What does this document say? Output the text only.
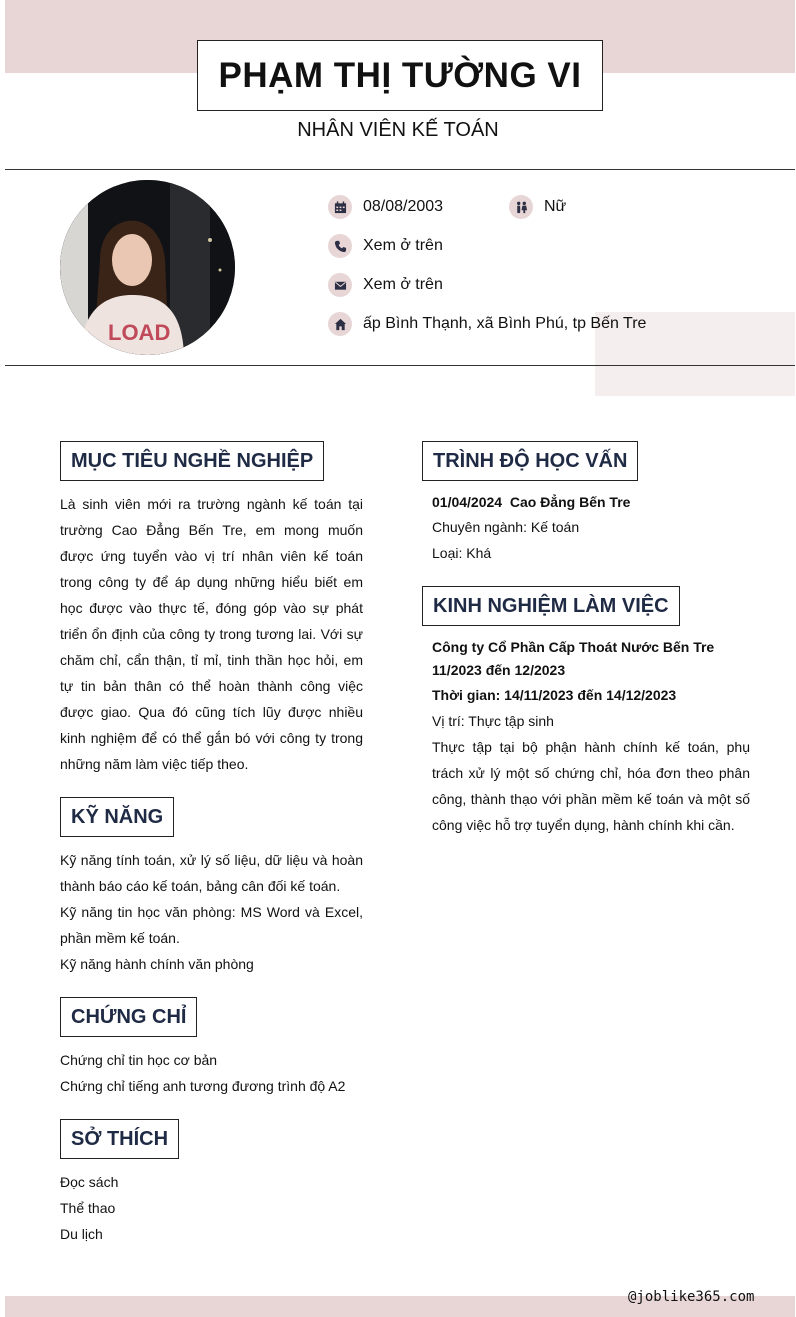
PHẠM THỊ TƯỜNG VI
NHÂN VIÊN KẾ TOÁN
LOAD
08/08/2003	Nữ
Xem ở trên
Xem ở trên
ấp Bình Thạnh, xã Bình Phú, tp Bến Tre
MỤC TIÊU NGHỀ NGHIỆP
Là sinh viên mới ra trường ngành kế toán tại trường Cao Đẳng Bến Tre, em mong muốn được ứng tuyển vào vị trí nhân viên kế toán trong công ty để áp dụng những hiểu biết em học được vào thực tế, đóng góp vào sự phát triển ổn định của công ty trong tương lai. Với sự chăm chỉ, cẩn thận, tỉ mỉ, tinh thần học hỏi, em tự tin bản thân có thể hoàn thành công việc được giao. Qua đó cũng tích lũy được nhiều kinh nghiệm để có thể gắn bó với công ty trong những năm làm việc tiếp theo.
KỸ NĂNG
Kỹ năng tính toán, xử lý số liệu, dữ liệu và hoàn thành báo cáo kế toán, bảng cân đối kế toán.
Kỹ năng tin học văn phòng: MS Word và Excel, phần mềm kế toán.
Kỹ năng hành chính văn phòng
CHỨNG CHỈ
Chứng chỉ tin học cơ bản
Chứng chỉ tiếng anh tương đương trình độ A2
SỞ THÍCH
Đọc sách
Thể thao
Du lịch
TRÌNH ĐỘ HỌC VẤN
01/04/2024 Cao Đẳng Bến Tre
Chuyên ngành: Kế toán
Loại: Khá
KINH NGHIỆM LÀM VIỆC
Công ty Cổ Phần Cấp Thoát Nước Bến Tre
11/2023 đến 12/2023
Thời gian: 14/11/2023 đến 14/12/2023
Vị trí: Thực tập sinh
Thực tập tại bộ phận hành chính kế toán, phụ trách xử lý một số chứng chỉ, hóa đơn theo phân công, thành thạo với phần mềm kế toán và một số công việc hỗ trợ tuyển dụng, hành chính khi cần.
@joblike365.com
